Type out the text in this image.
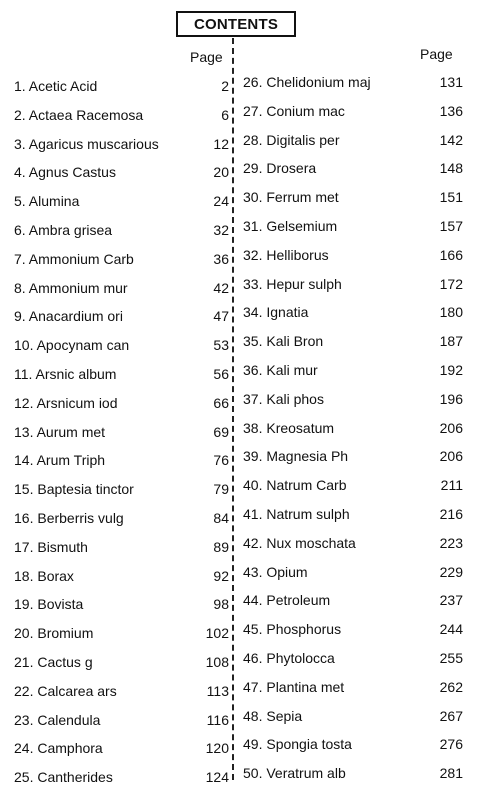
CONTENTS
Page	Page
1. Acetic Acid	2
2. Actaea Racemosa	6
3. Agaricus muscarious	12
4. Agnus Castus	20
5. Alumina	24
6. Ambra grisea	32
7. Ammonium Carb	36
8. Ammonium mur	42
9. Anacardium ori	47
10. Apocynam can	53
11. Arsnic album	56
12. Arsnicum iod	66
13. Aurum met	69
14. Arum Triph	76
15. Baptesia tinctor	79
16. Berberris vulg	84
17. Bismuth	89
18. Borax	92
19. Bovista	98
20. Bromium	102
21. Cactus g	108
22. Calcarea ars	113
23. Calendula	116
24. Camphora	120
25. Cantherides	124
26. Chelidonium maj	131
27. Conium mac	136
28. Digitalis per	142
29. Drosera	148
30. Ferrum met	151
31. Gelsemium	157
32. Helliborus	166
33. Hepur sulph	172
34. Ignatia	180
35. Kali Bron	187
36. Kali mur	192
37. Kali phos	196
38. Kreosatum	206
39. Magnesia Ph	206
40. Natrum Carb	211
41. Natrum sulph	216
42. Nux moschata	223
43. Opium	229
44. Petroleum	237
45. Phosphorus	244
46. Phytolocca	255
47. Plantina met	262
48. Sepia	267
49. Spongia tosta	276
50. Veratrum alb	281
